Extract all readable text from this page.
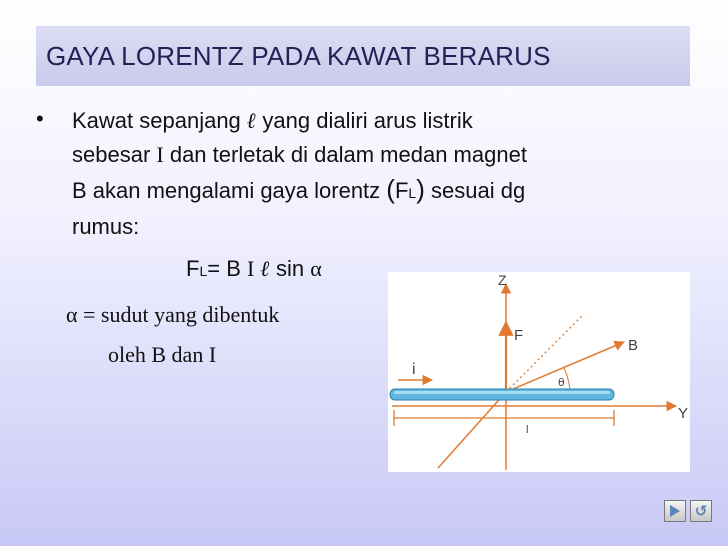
GAYA LORENTZ PADA KAWAT BERARUS
• Kawat sepanjang ℓ yang dialiri arus listrik
sebesar I dan terletak di dalam medan magnet
B akan mengalami gaya lorentz (FL) sesuai dg
rumus:
FL= B I ℓ sin α
α = sudut yang dibentuk
oleh B dan I
Z
F
B
i
θ
Y
l
↺
